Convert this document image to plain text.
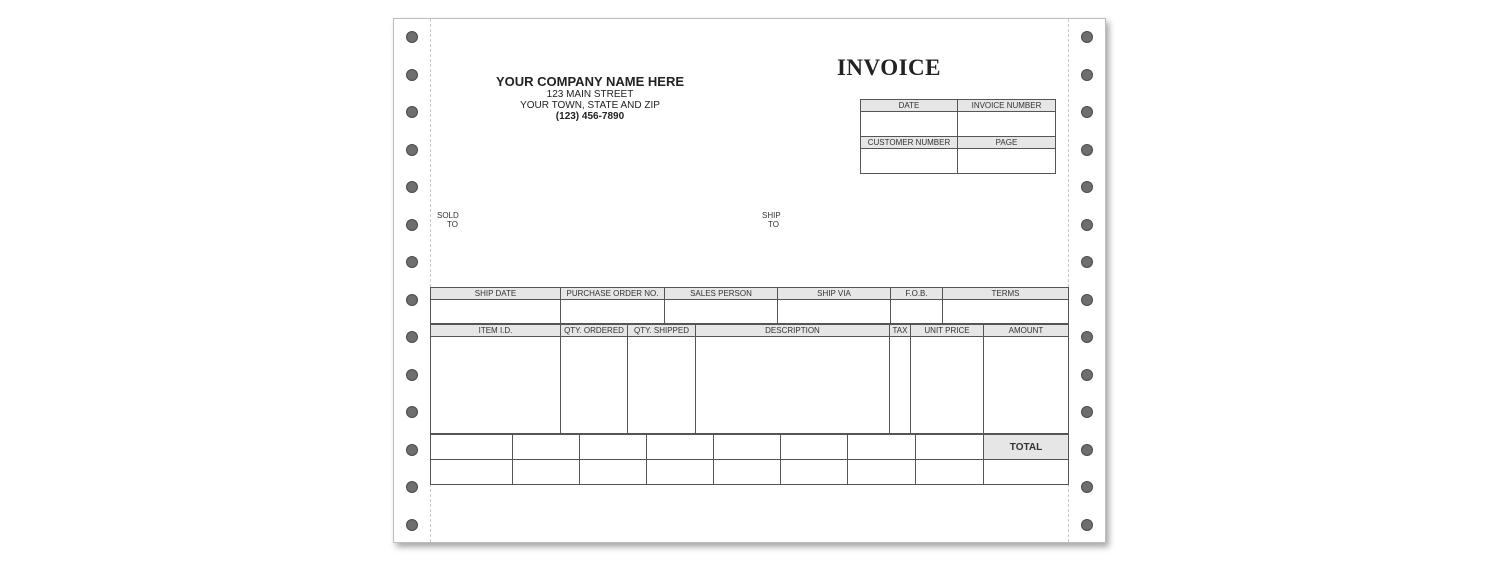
YOUR COMPANY NAME HERE
123 MAIN STREET
YOUR TOWN, STATE AND ZIP
(123) 456-7890
INVOICE
DATE	INVOICE NUMBER

CUSTOMER NUMBER	PAGE

SOLD
TO
SHIP
TO
SHIP DATE	PURCHASE ORDER NO.	SALES PERSON	SHIP VIA	F.O.B.	TERMS

ITEM I.D.	QTY. ORDERED	QTY. SHIPPED	DESCRIPTION	TAX	UNIT PRICE	AMOUNT

								TOTAL
